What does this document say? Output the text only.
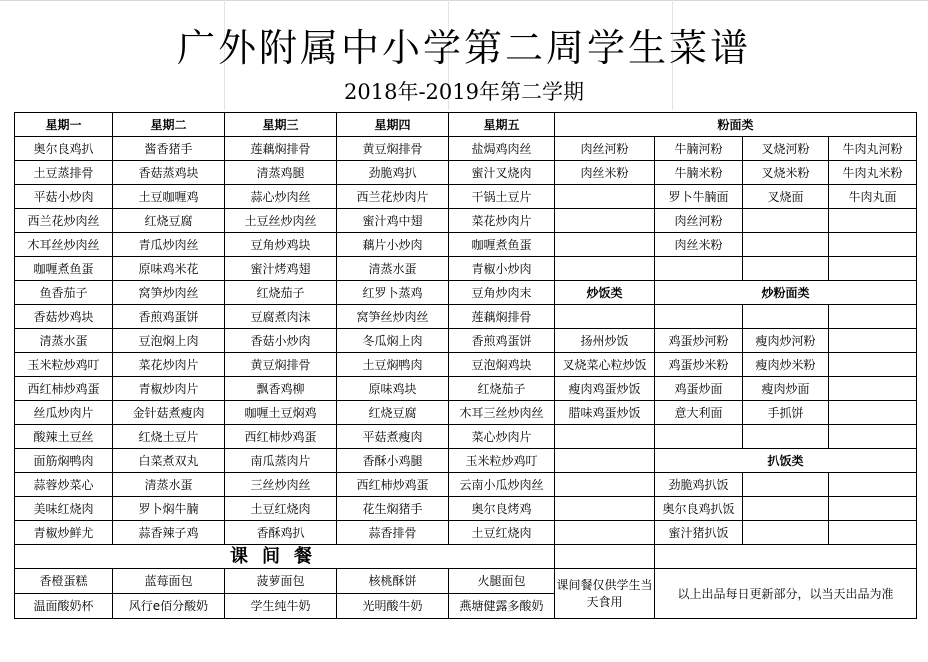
广外附属中小学第二周学生菜谱
2018年-2019年第二学期
星期一	星期二	星期三	星期四	星期五	粉面类			
奥尔良鸡扒	酱香猪手	莲藕焖排骨	黄豆焖排骨	盐焗鸡肉丝	肉丝河粉	牛腩河粉	叉烧河粉	牛肉丸河粉
土豆蒸排骨	香菇蒸鸡块	清蒸鸡腿	劲脆鸡扒	蜜汁叉烧肉	肉丝米粉	牛腩米粉	叉烧米粉	牛肉丸米粉
平菇小炒肉	土豆咖喱鸡	蒜心炒肉丝	西兰花炒肉片	干锅土豆片		罗卜牛腩面	叉烧面	牛肉丸面
西兰花炒肉丝	红烧豆腐	土豆丝炒肉丝	蜜汁鸡中翅	菜花炒肉片		肉丝河粉		
木耳丝炒肉丝	青瓜炒肉丝	豆角炒鸡块	藕片小炒肉	咖喱煮鱼蛋		肉丝米粉		
咖喱煮鱼蛋	原味鸡米花	蜜汁烤鸡翅	清蒸水蛋	青椒小炒肉				
鱼香茄子	窝笋炒肉丝	红烧茄子	红罗卜蒸鸡	豆角炒肉末	炒饭类	炒粉面类		
香菇炒鸡块	香煎鸡蛋饼	豆腐煮肉沫	窝笋丝炒肉丝	莲藕焖排骨				
清蒸水蛋	豆泡焖上肉	香菇小炒肉	冬瓜焖上肉	香煎鸡蛋饼	扬州炒饭	鸡蛋炒河粉	瘦肉炒河粉	
玉米粒炒鸡叮	菜花炒肉片	黄豆焖排骨	土豆焖鸭肉	豆泡焖鸡块	叉烧菜心粒炒饭	鸡蛋炒米粉	瘦肉炒米粉	
西红柿炒鸡蛋	青椒炒肉片	飘香鸡柳	原味鸡块	红烧茄子	瘦肉鸡蛋炒饭	鸡蛋炒面	瘦肉炒面	
丝瓜炒肉片	金针菇煮瘦肉	咖喱土豆焖鸡	红烧豆腐	木耳三丝炒肉丝	腊味鸡蛋炒饭	意大利面	手抓饼	
酸辣土豆丝	红烧土豆片	西红柿炒鸡蛋	平菇煮瘦肉	菜心炒肉片				
面筋焖鸭肉	白菜煮双丸	南瓜蒸肉片	香酥小鸡腿	玉米粒炒鸡叮		扒饭类		
蒜蓉炒菜心	清蒸水蛋	三丝炒肉丝	西红柿炒鸡蛋	云南小瓜炒肉丝		劲脆鸡扒饭		
美味红烧肉	罗卜焖牛腩	土豆红烧肉	花生焖猪手	奥尔良烤鸡		奥尔良鸡扒饭		
青椒炒鲜尤	蒜香辣子鸡	香酥鸡扒	蒜香排骨	土豆红烧肉		蜜汁猪扒饭		
课间餐								
香橙蛋糕	蓝莓面包	菠萝面包	核桃酥饼	火腿面包	课间餐仅供学生当天食用	以上出品每日更新部分，以当天出品为准		
温面酸奶杯	风行e佰分酸奶	学生纯牛奶	光明酸牛奶	燕塘健露多酸奶				
